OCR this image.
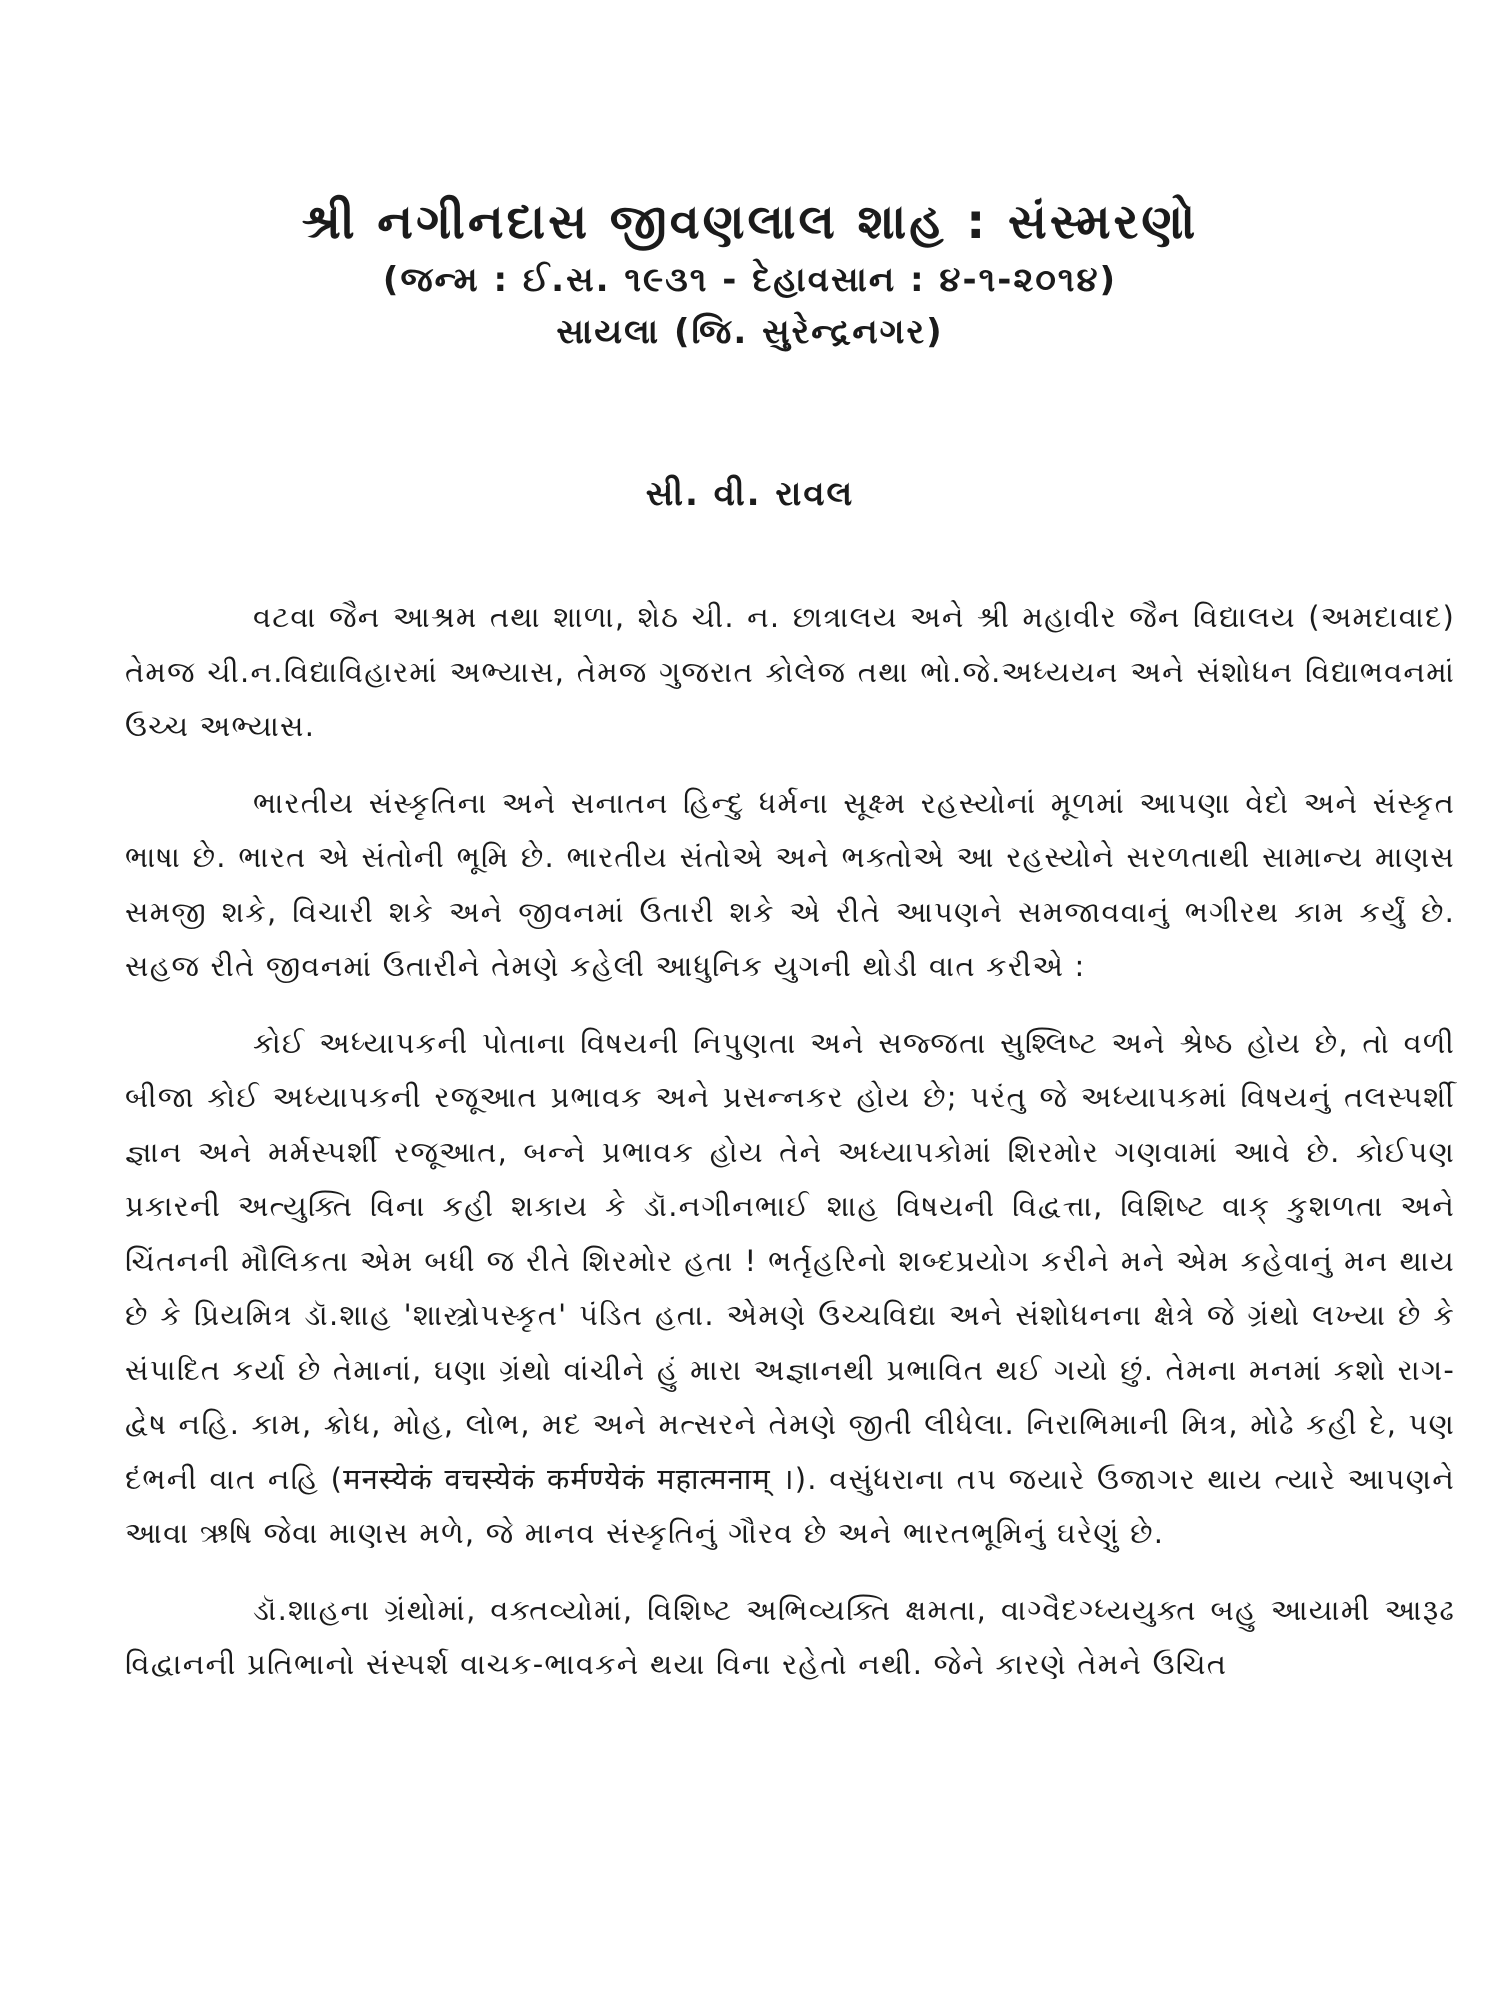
શ્રી નગીનદાસ જીવણલાલ શાહ : સંસ્મરણો

(જન્મ : ઈ.સ. ૧૯૩૧ - દેહાવસાન : ૪-૧-૨૦૧૪)

સાયલા (જિ. સુરેન્દ્રનગર)

સી. વી. રાવલ

વટવા જૈન આશ્રમ તથા શાળા, શેઠ ચી. ન. છાત્રાલય અને શ્રી મહાવીર જૈન વિદ્યાલય (અમદાવાદ) તેમજ ચી.ન.વિદ્યાવિહારમાં અભ્યાસ, તેમજ ગુજરાત કોલેજ તથા ભો.જે.અધ્યયન અને સંશોધન વિદ્યાભવનમાં ઉચ્ચ અભ્યાસ.

ભારતીય સંસ્કૃતિના અને સનાતન હિન્દુ ધર્મના સૂક્ષ્મ રહસ્યોનાં મૂળમાં આપણા વેદો અને સંસ્કૃત ભાષા છે. ભારત એ સંતોની ભૂમિ છે. ભારતીય સંતોએ અને ભક્તોએ આ રહસ્યોને સરળતાથી સામાન્ય માણસ સમજી શકે, વિચારી શકે અને જીવનમાં ઉતારી શકે એ રીતે આપણને સમજાવવાનું ભગીરથ કામ કર્યું છે. સહજ રીતે જીવનમાં ઉતારીને તેમણે કહેલી આધુનિક યુગની થોડી વાત કરીએ :

કોઈ અધ્યાપકની પોતાના વિષયની નિપુણતા અને સજ્જતા સુશ્લિષ્ટ અને શ્રેષ્ઠ હોય છે, તો વળી બીજા કોઈ અધ્યાપકની રજૂઆત પ્રભાવક અને પ્રસન્નકર હોય છે; પરંતુ જે અધ્યાપકમાં વિષયનું તલસ્પર્શી જ્ઞાન અને મર્મસ્પર્શી રજૂઆત, બન્ને પ્રભાવક હોય તેને અધ્યાપકોમાં શિરમોર ગણવામાં આવે છે. કોઈપણ પ્રકારની અત્યુક્તિ વિના કહી શકાય કે ડૉ.નગીનભાઈ શાહ વિષયની વિદ્વત્તા, વિશિષ્ટ વાક્ કુશળતા અને ચિંતનની મૌલિકતા એમ બધી જ રીતે શિરમોર હતા ! ભર્તૃહરિનો શબ્દપ્રયોગ કરીને મને એમ કહેવાનું મન થાય છે કે પ્રિયમિત્ર ડૉ.શાહ 'શાસ્ત્રોપસ્કૃત' પંડિત હતા. એમણે ઉચ્ચવિદ્યા અને સંશોધનના ક્ષેત્રે જે ગ્રંથો લખ્યા છે કે સંપાદિત કર્યા છે તેમાનાં, ઘણા ગ્રંથો વાંચીને હું મારા અજ્ઞાનથી પ્રભાવિત થઈ ગયો છું. તેમના મનમાં કશો રાગ-દ્વેષ નહિ. કામ, ક્રોધ, મોહ, લોભ, મદ અને મત્સરને તેમણે જીતી લીધેલા. નિરાભિમાની મિત્ર, મોઢે કહી દે, પણ દંભની વાત નહિ (मनस्येकं वचस्येकं कर्मण्येकं महात्मनाम् ।). વસુંધરાના તપ જયારે ઉજાગર થાય ત્યારે આપણને આવા ઋષિ જેવા માણસ મળે, જે માનવ સંસ્કૃતિનું ગૌરવ છે અને ભારતભૂમિનું ઘરેણું છે.

ડૉ.શાહના ગ્રંથોમાં, વક્તવ્યોમાં, વિશિષ્ટ અભિવ્યક્તિ ક્ષમતા, વાગ્વૈદગ્ધ્યયુક્ત બહુ આયામી આરૂઢ વિદ્વાનની પ્રતિભાનો સંસ્પર્શ વાચક-ભાવકને થયા વિના રહેતો નથી. જેને કારણે તેમને ઉચિત
